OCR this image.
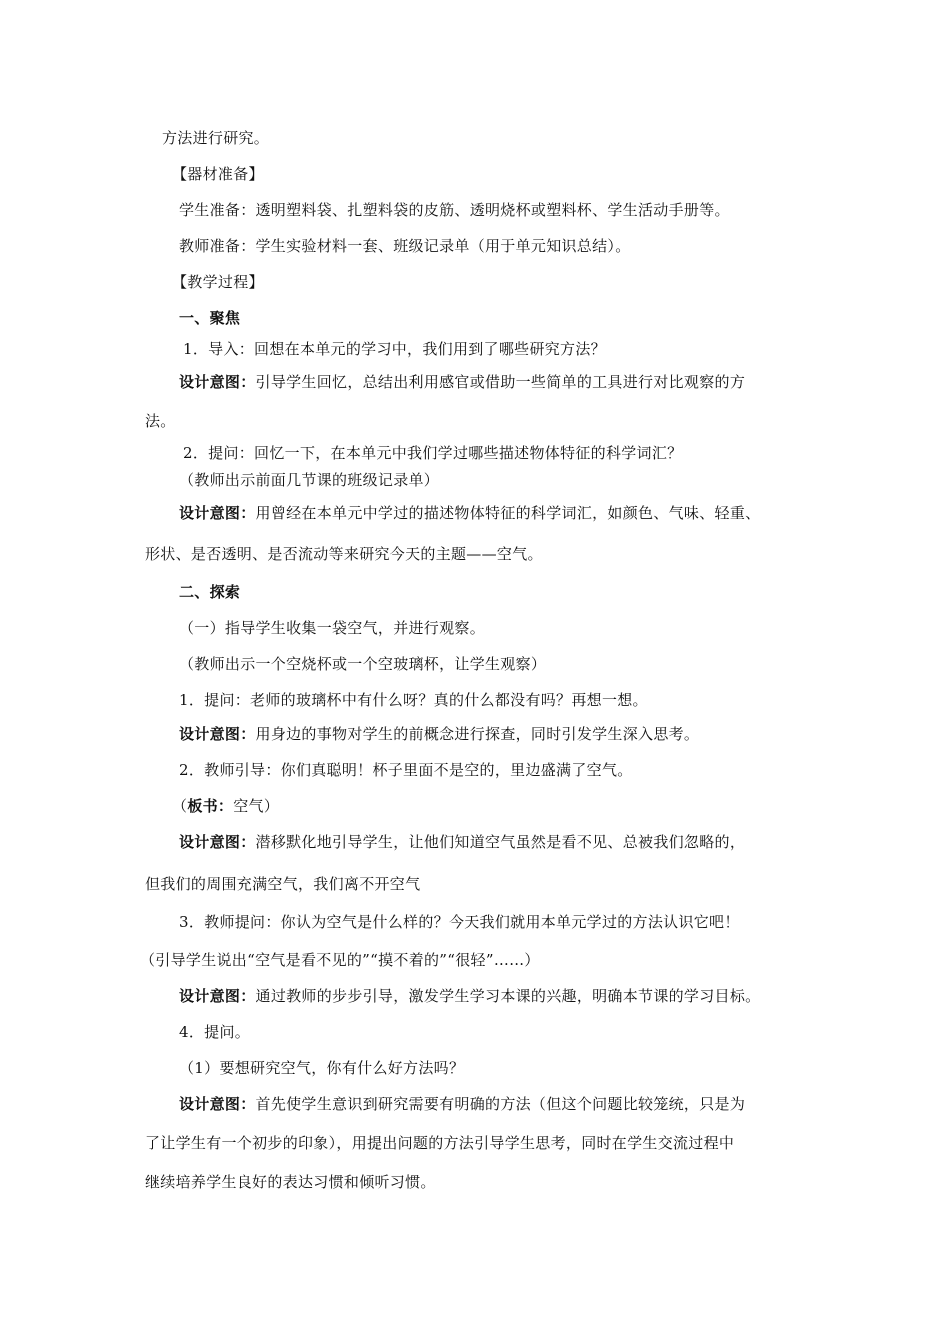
方法进行研究。
【器材准备】
学生准备：透明塑料袋、扎塑料袋的皮筋、透明烧杯或塑料杯、学生活动手册等。
教师准备：学生实验材料一套、班级记录单（用于单元知识总结）。
【教学过程】
一、聚焦
1．导入：回想在本单元的学习中，我们用到了哪些研究方法？
设计意图：引导学生回忆，总结出利用感官或借助一些简单的工具进行对比观察的方
法。
2．提问：回忆一下，在本单元中我们学过哪些描述物体特征的科学词汇？
（教师出示前面几节课的班级记录单）
设计意图：用曾经在本单元中学过的描述物体特征的科学词汇，如颜色、气味、轻重、
形状、是否透明、是否流动等来研究今天的主题——空气。
二、探索
（一）指导学生收集一袋空气，并进行观察。
（教师出示一个空烧杯或一个空玻璃杯，让学生观察）
1．提问：老师的玻璃杯中有什么呀？真的什么都没有吗？再想一想。
设计意图：用身边的事物对学生的前概念进行探查，同时引发学生深入思考。
2．教师引导：你们真聪明！杯子里面不是空的，里边盛满了空气。
（板书：空气）
设计意图：潜移默化地引导学生，让他们知道空气虽然是看不见、总被我们忽略的，
但我们的周围充满空气，我们离不开空气
3．教师提问：你认为空气是什么样的？今天我们就用本单元学过的方法认识它吧！
（引导学生说出“空气是看不见的”“摸不着的”“很轻”……）
设计意图：通过教师的步步引导，激发学生学习本课的兴趣，明确本节课的学习目标。
4．提问。
（1）要想研究空气，你有什么好方法吗？
设计意图：首先使学生意识到研究需要有明确的方法（但这个问题比较笼统，只是为
了让学生有一个初步的印象），用提出问题的方法引导学生思考，同时在学生交流过程中
继续培养学生良好的表达习惯和倾听习惯。
